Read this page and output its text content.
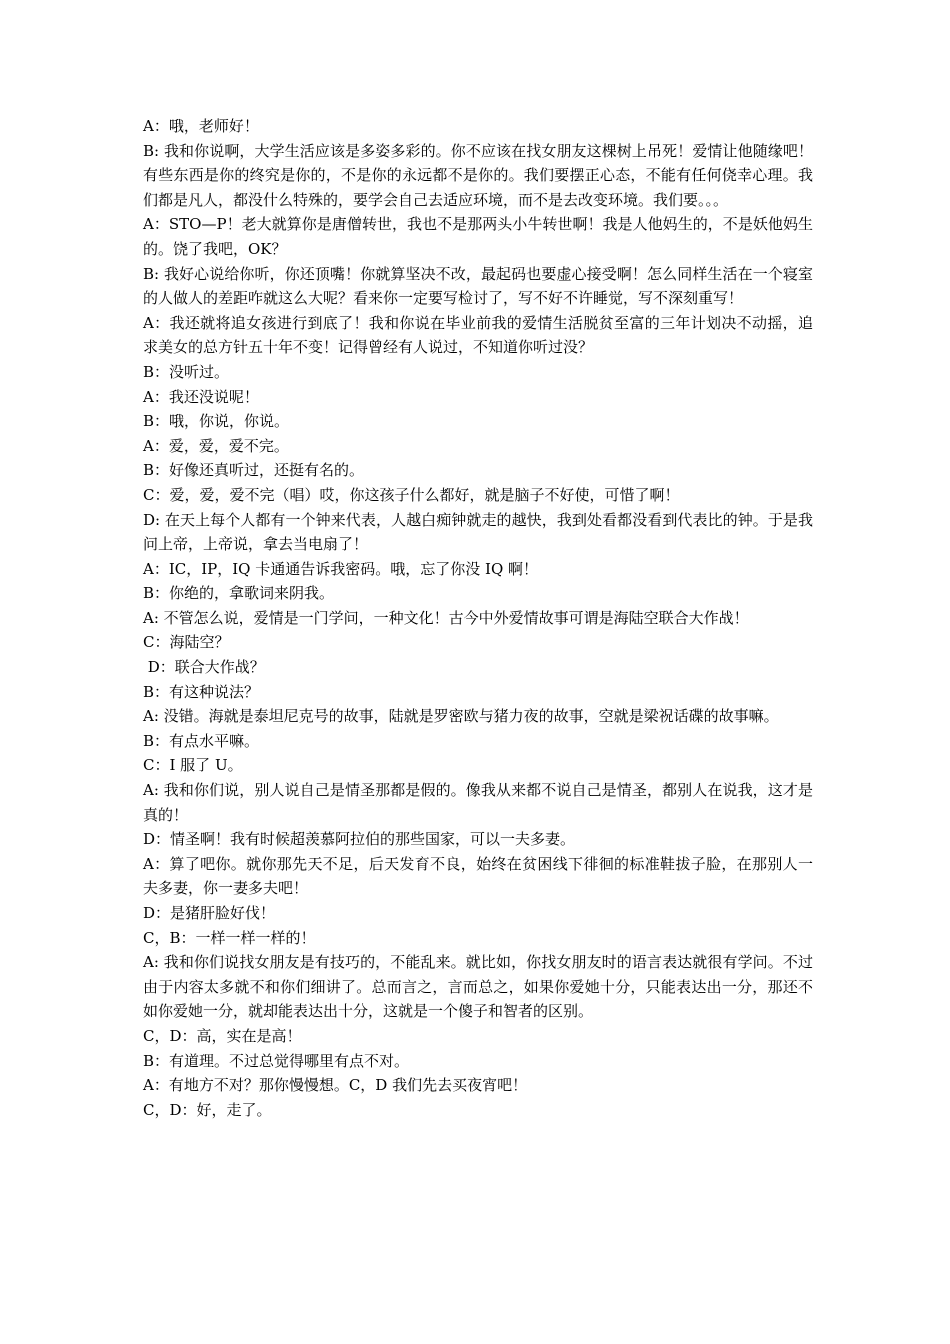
A：哦，老师好！

B: 我和你说啊，大学生活应该是多姿多彩的。你不应该在找女朋友这棵树上吊死！爱情让他随缘吧！有些东西是你的终究是你的，不是你的永远都不是你的。我们要摆正心态，不能有任何侥幸心理。我们都是凡人，都没什么特殊的，要学会自己去适应环境，而不是去改变环境。我们要。。。

A：STO—P！老大就算你是唐僧转世，我也不是那两头小牛转世啊！我是人他妈生的，不是妖他妈生的。饶了我吧，OK？

B: 我好心说给你听，你还顶嘴！你就算坚决不改，最起码也要虚心接受啊！怎么同样生活在一个寝室的人做人的差距咋就这么大呢？看来你一定要写检讨了，写不好不许睡觉，写不深刻重写！

A：我还就将追女孩进行到底了！我和你说在毕业前我的爱情生活脱贫至富的三年计划决不动摇，追求美女的总方针五十年不变！记得曾经有人说过，不知道你听过没？

B：没听过。

A：我还没说呢！

B：哦，你说，你说。

A：爱，爱，爱不完。

B：好像还真听过，还挺有名的。

C：爱，爱，爱不完（唱）哎，你这孩子什么都好，就是脑子不好使，可惜了啊！

D: 在天上每个人都有一个钟来代表，人越白痴钟就走的越快，我到处看都没看到代表比的钟。于是我问上帝，上帝说，拿去当电扇了！

A：IC，IP，IQ 卡通通告诉我密码。哦，忘了你没 IQ 啊！

B：你绝的，拿歌词来阴我。

A: 不管怎么说，爱情是一门学问，一种文化！古今中外爱情故事可谓是海陆空联合大作战！

C：海陆空？

D：联合大作战？

B：有这种说法？

A: 没错。海就是泰坦尼克号的故事，陆就是罗密欧与猪力夜的故事，空就是梁祝话碟的故事嘛。

B：有点水平嘛。

C：I 服了 U。

A: 我和你们说，别人说自己是情圣那都是假的。像我从来都不说自己是情圣，都别人在说我，这才是真的！

D：情圣啊！我有时候超羡慕阿拉伯的那些国家，可以一夫多妻。

A：算了吧你。就你那先天不足，后天发育不良，始终在贫困线下徘徊的标准鞋拔子脸，在那别人一夫多妻，你一妻多夫吧！

D：是猪肝脸好伐！

C，B：一样一样一样的！

A: 我和你们说找女朋友是有技巧的，不能乱来。就比如，你找女朋友时的语言表达就很有学问。不过由于内容太多就不和你们细讲了。总而言之，言而总之，如果你爱她十分，只能表达出一分，那还不如你爱她一分，就却能表达出十分，这就是一个傻子和智者的区别。

C，D：高，实在是高！

B：有道理。不过总觉得哪里有点不对。

A：有地方不对？那你慢慢想。C，D 我们先去买夜宵吧！

C，D：好，走了。
